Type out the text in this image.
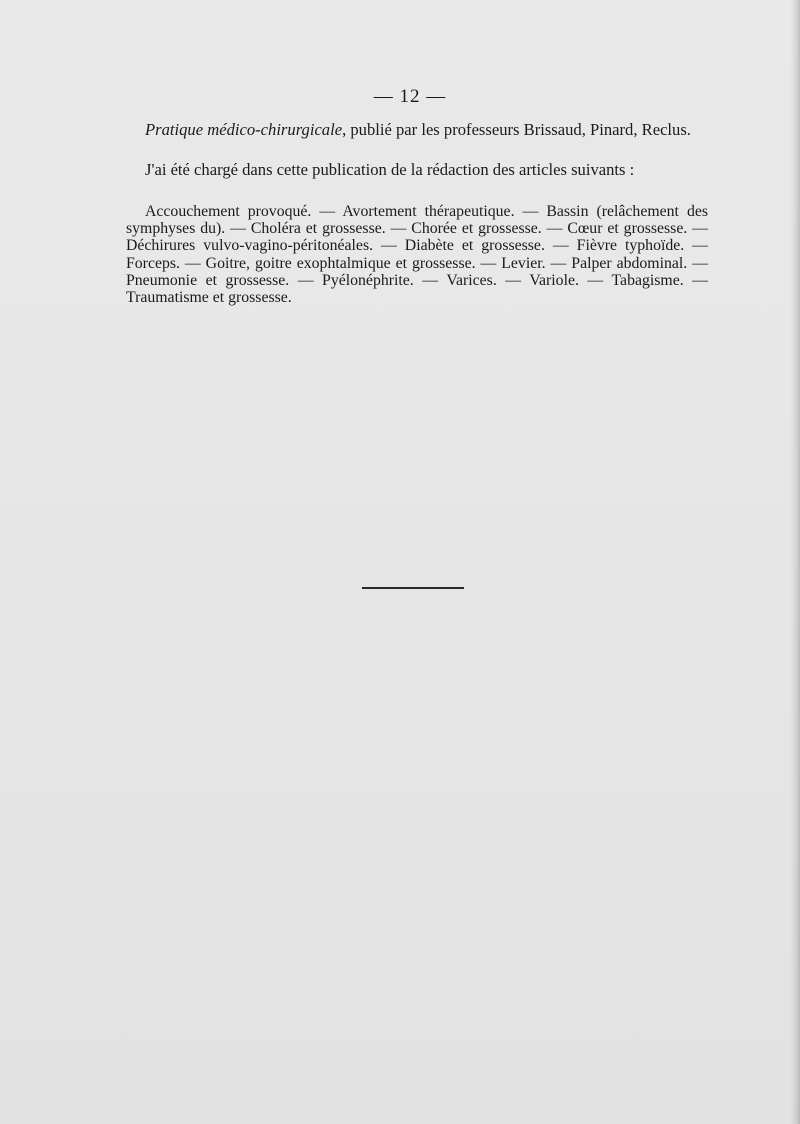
— 12 —

Pratique médico-chirurgicale, publié par les professeurs Brissaud, Pinard, Reclus.

J'ai été chargé dans cette publication de la rédaction des articles suivants :

Accouchement provoqué. — Avortement thérapeutique. — Bassin (relâchement des symphyses du). — Choléra et grossesse. — Chorée et grossesse. — Cœur et grossesse. — Déchirures vulvo-vagino-péritonéales. — Diabète et grossesse. — Fièvre typhoïde. — Forceps. — Goitre, goitre exophtalmique et grossesse. — Levier. — Palper abdominal. — Pneumonie et grossesse. — Pyélonéphrite. — Varices. — Variole. — Tabagisme. — Traumatisme et grossesse.
